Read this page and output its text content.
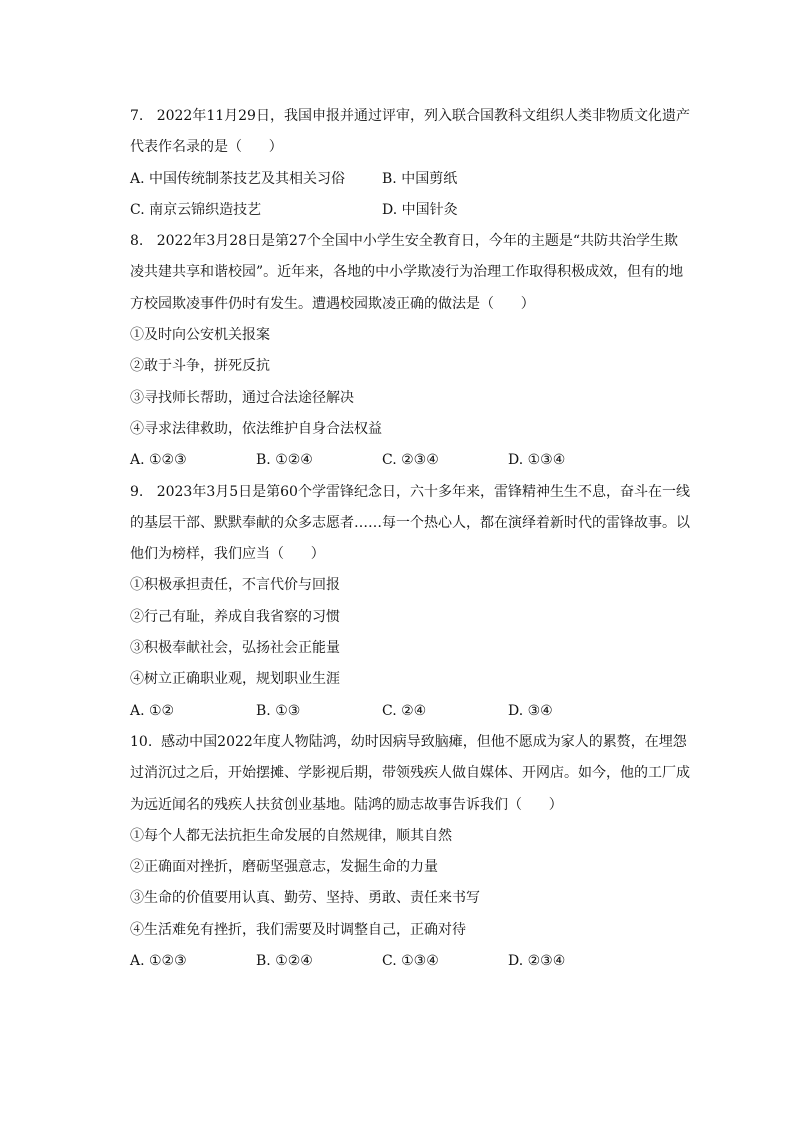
7.   2022年11月29日，我国申报并通过评审，列入联合国教科文组织人类非物质文化遗产
代表作名录的是（      ）
A. 中国传统制茶技艺及其相关习俗	B. 中国剪纸
C. 南京云锦织造技艺	D. 中国针灸
8.   2022年3月28日是第27个全国中小学生安全教育日，今年的主题是“共防共治学生欺
凌共建共享和谐校园”。近年来，各地的中小学欺凌行为治理工作取得积极成效，但有的地
方校园欺凌事件仍时有发生。遭遇校园欺凌正确的做法是（      ）
①及时向公安机关报案
②敢于斗争，拼死反抗
③寻找师长帮助，通过合法途径解决
④寻求法律救助，依法维护自身合法权益
A. ①②③	B. ①②④	C. ②③④	D. ①③④
9.   2023年3月5日是第60个学雷锋纪念日，六十多年来，雷锋精神生生不息，奋斗在一线
的基层干部、默默奉献的众多志愿者……每一个热心人，都在演绎着新时代的雷锋故事。以
他们为榜样，我们应当（      ）
①积极承担责任，不言代价与回报
②行己有耻，养成自我省察的习惯
③积极奉献社会，弘扬社会正能量
④树立正确职业观，规划职业生涯
A. ①②	B. ①③	C. ②④	D. ③④
10.  感动中国2022年度人物陆鸿，幼时因病导致脑瘫，但他不愿成为家人的累赘，在埋怨
过消沉过之后，开始摆摊、学影视后期，带领残疾人做自媒体、开网店。如今，他的工厂成
为远近闻名的残疾人扶贫创业基地。陆鸿的励志故事告诉我们（      ）
①每个人都无法抗拒生命发展的自然规律，顺其自然
②正确面对挫折，磨砺坚强意志，发掘生命的力量
③生命的价值要用认真、勤劳、坚持、勇敢、责任来书写
④生活难免有挫折，我们需要及时调整自己，正确对待
A. ①②③	B. ①②④	C. ①③④	D. ②③④
